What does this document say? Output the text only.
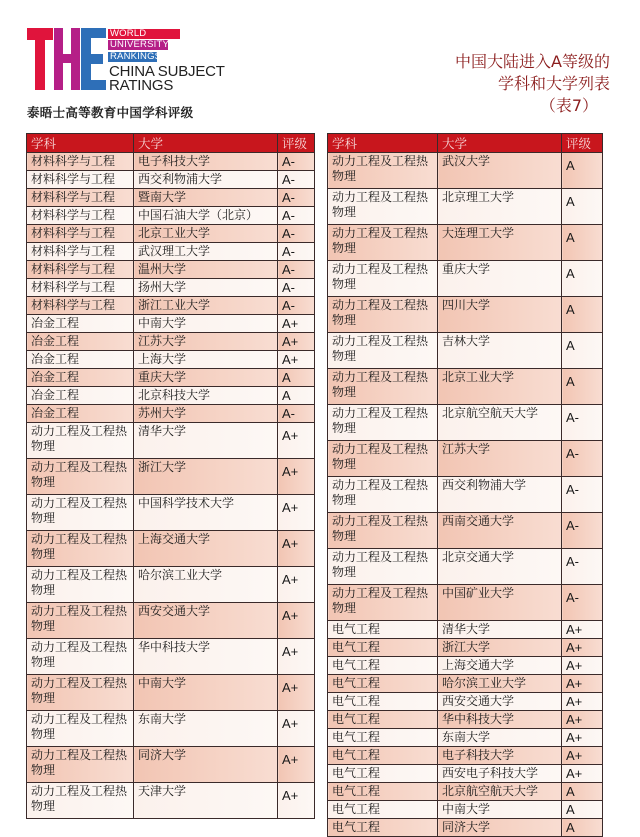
WORLD
UNIVERSITY
RANKINGS
CHINA SUBJECT
RATINGS
泰晤士高等教育中国学科评级
中国大陆进入A等级的
学科和大学列表
（表7）
学科	大学	评级
材料科学与工程	电子科技大学	A-
材料科学与工程	西交利物浦大学	A-
材料科学与工程	暨南大学	A-
材料科学与工程	中国石油大学（北京）	A-
材料科学与工程	北京工业大学	A-
材料科学与工程	武汉理工大学	A-
材料科学与工程	温州大学	A-
材料科学与工程	扬州大学	A-
材料科学与工程	浙江工业大学	A-
冶金工程	中南大学	A+
冶金工程	江苏大学	A+
冶金工程	上海大学	A+
冶金工程	重庆大学	A
冶金工程	北京科技大学	A
冶金工程	苏州大学	A-
动力工程及工程热物理	清华大学	A+
动力工程及工程热物理	浙江大学	A+
动力工程及工程热物理	中国科学技术大学	A+
动力工程及工程热物理	上海交通大学	A+
动力工程及工程热物理	哈尔滨工业大学	A+
动力工程及工程热物理	西安交通大学	A+
动力工程及工程热物理	华中科技大学	A+
动力工程及工程热物理	中南大学	A+
动力工程及工程热物理	东南大学	A+
动力工程及工程热物理	同济大学	A+
动力工程及工程热物理	天津大学	A+
学科	大学	评级
动力工程及工程热物理	武汉大学	A
动力工程及工程热物理	北京理工大学	A
动力工程及工程热物理	大连理工大学	A
动力工程及工程热物理	重庆大学	A
动力工程及工程热物理	四川大学	A
动力工程及工程热物理	吉林大学	A
动力工程及工程热物理	北京工业大学	A
动力工程及工程热物理	北京航空航天大学	A-
动力工程及工程热物理	江苏大学	A-
动力工程及工程热物理	西交利物浦大学	A-
动力工程及工程热物理	西南交通大学	A-
动力工程及工程热物理	北京交通大学	A-
动力工程及工程热物理	中国矿业大学	A-
电气工程	清华大学	A+
电气工程	浙江大学	A+
电气工程	上海交通大学	A+
电气工程	哈尔滨工业大学	A+
电气工程	西安交通大学	A+
电气工程	华中科技大学	A+
电气工程	东南大学	A+
电气工程	电子科技大学	A+
电气工程	西安电子科技大学	A+
电气工程	北京航空航天大学	A
电气工程	中南大学	A
电气工程	同济大学	A
